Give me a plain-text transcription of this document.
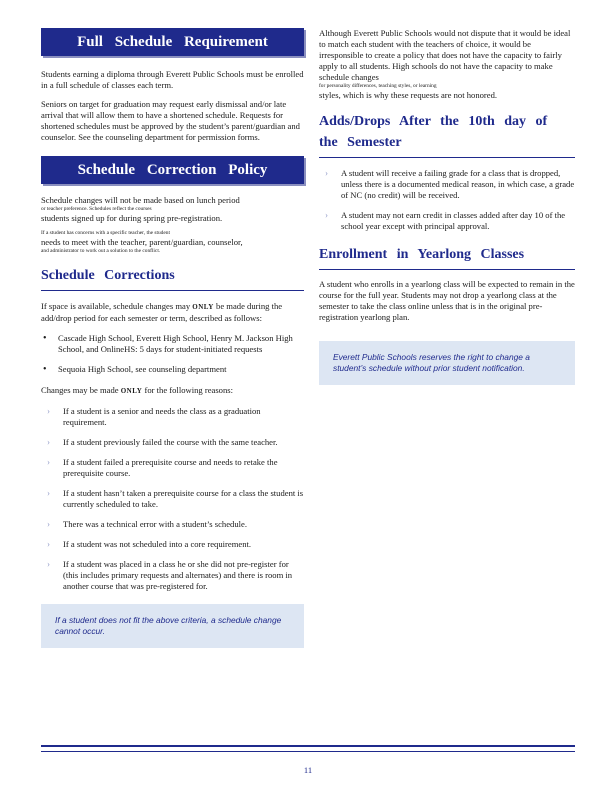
Full Schedule Requirement

Students earning a diploma through Everett Public Schools must be enrolled in a full schedule of classes each term.

Seniors on target for graduation may request early dismissal and/or late arrival that will allow them to have a shortened schedule. Requests for shortened schedules must be approved by the student’s parent/guardian and counselor. See the counseling department for permission forms.

Schedule Correction Policy

Schedule changes will not be made based on lunch period

or teacher preference. Schedules reflect the courses

students signed up for during spring pre-registration.

If a student has concerns with a specific teacher, the student

needs to meet with the teacher, parent/guardian, counselor,

and administrator to work out a solution to the conflict.
Schedule Corrections

If space is available, schedule changes may ONLY be made during the add/drop period for each semester or term, described as follows:

• Cascade High School, Everett High School, Henry M. Jackson High School, and OnlineHS: 5 days for student-initiated requests
• Sequoia High School, see counseling department

Changes may be made ONLY for the following reasons:

› If a student is a senior and needs the class as a graduation requirement.
› If a student previously failed the course with the same teacher.
› If a student failed a prerequisite course and needs to retake the prerequisite course.
› If a student hasn’t taken a prerequisite course for a class the student is currently scheduled to take.
› There was a technical error with a student’s schedule.
› If a student was not scheduled into a core requirement.
› If a student was placed in a class he or she did not pre-register for (this includes primary requests and alternates) and there is room in another course that was pre-registered for.
If a student does not fit the above criteria, a schedule change cannot occur.

Although Everett Public Schools would not dispute that it would be ideal to match each student with the teachers of choice, it would be irresponsible to create a policy that does not have the capacity to fairly apply to all students. High schools do not have the capacity to make schedule changes

for personality differences, teaching styles, or learning

styles, which is why these requests are not honored.

Adds/Drops After the 10th day of the Semester
› A student will receive a failing grade for a class that is dropped, unless there is a documented medical reason, in which case, a grade of NC (no credit) will be received.
› A student may not earn credit in classes added after day 10 of the school year except with principal approval.
Enrollment in Yearlong Classes

A student who enrolls in a yearlong class will be expected to remain in the course for the full year. Students may not drop a yearlong class at the semester to take the class online unless that is in the original pre-registration yearlong plan.

Everett Public Schools reserves the right to change a student’s schedule without prior student notification.
11
